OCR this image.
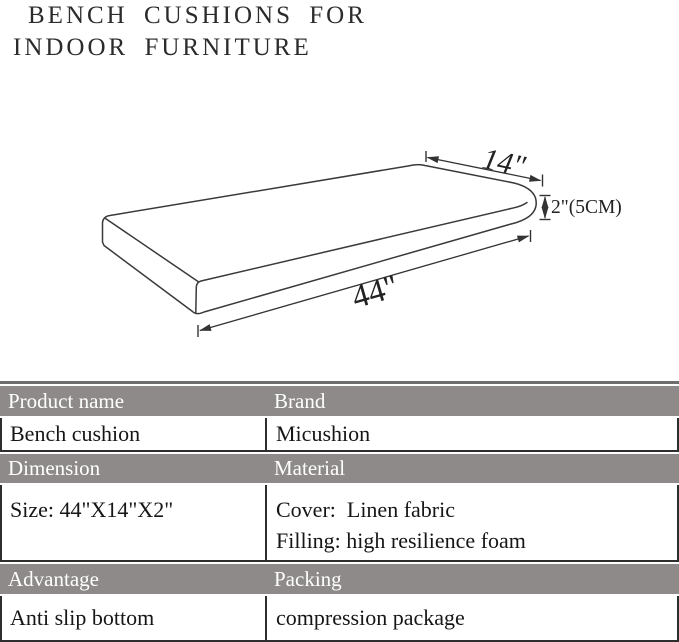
BENCH CUSHIONS FOR
INDOOR FURNITURE
14"
2"(5CM)
44"
Product name	Brand
Bench cushion	Micushion
Dimension	Material
Size: 44"X14"X2"	Cover:  Linen fabric
Filling: high resilience foam
Advantage	Packing
Anti slip bottom	compression package
